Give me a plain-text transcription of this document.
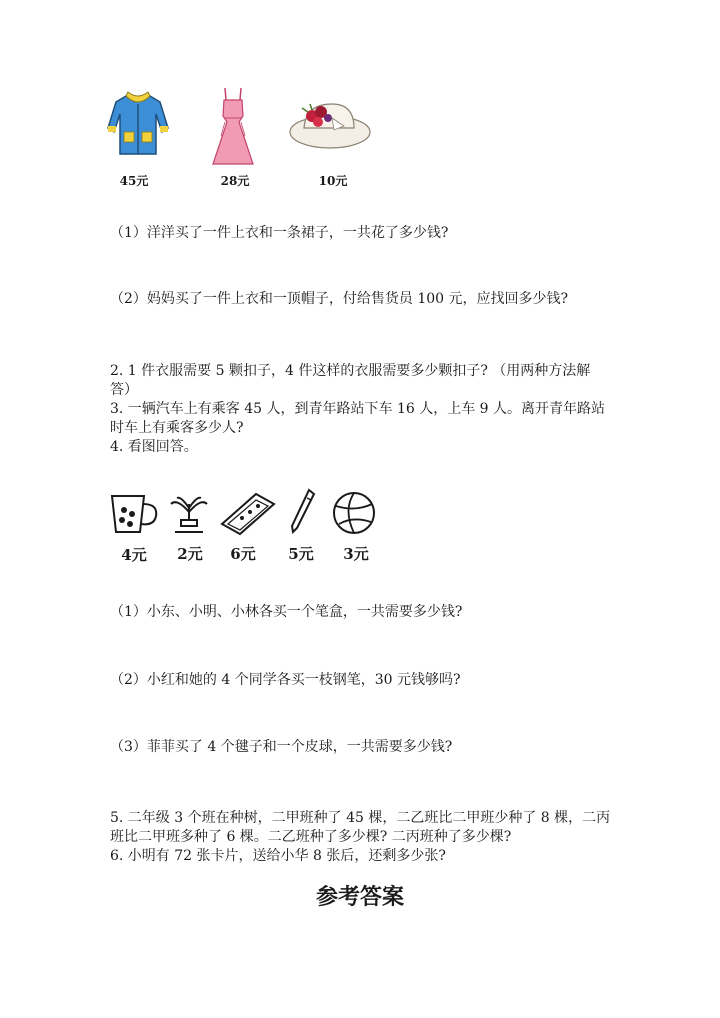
45元	28元	10元
（1）洋洋买了一件上衣和一条裙子，一共花了多少钱?
（2）妈妈买了一件上衣和一顶帽子，付给售货员 100 元，应找回多少钱?
2. 1 件衣服需要 5 颗扣子，4 件这样的衣服需要多少颗扣子? （用两种方法解
答）
3. 一辆汽车上有乘客 45 人，到青年路站下车 16 人，上车 9 人。离开青年路站
时车上有乘客多少人?
4. 看图回答。
4元	2元	6元	5元	3元
（1）小东、小明、小林各买一个笔盒，一共需要多少钱?
（2）小红和她的 4 个同学各买一枝钢笔，30 元钱够吗?
（3）菲菲买了 4 个毽子和一个皮球，一共需要多少钱?
5. 二年级 3 个班在种树，二甲班种了 45 棵，二乙班比二甲班少种了 8 棵，二丙
班比二甲班多种了 6 棵。二乙班种了多少棵? 二丙班种了多少棵?
6. 小明有 72 张卡片，送给小华 8 张后，还剩多少张?
参考答案
